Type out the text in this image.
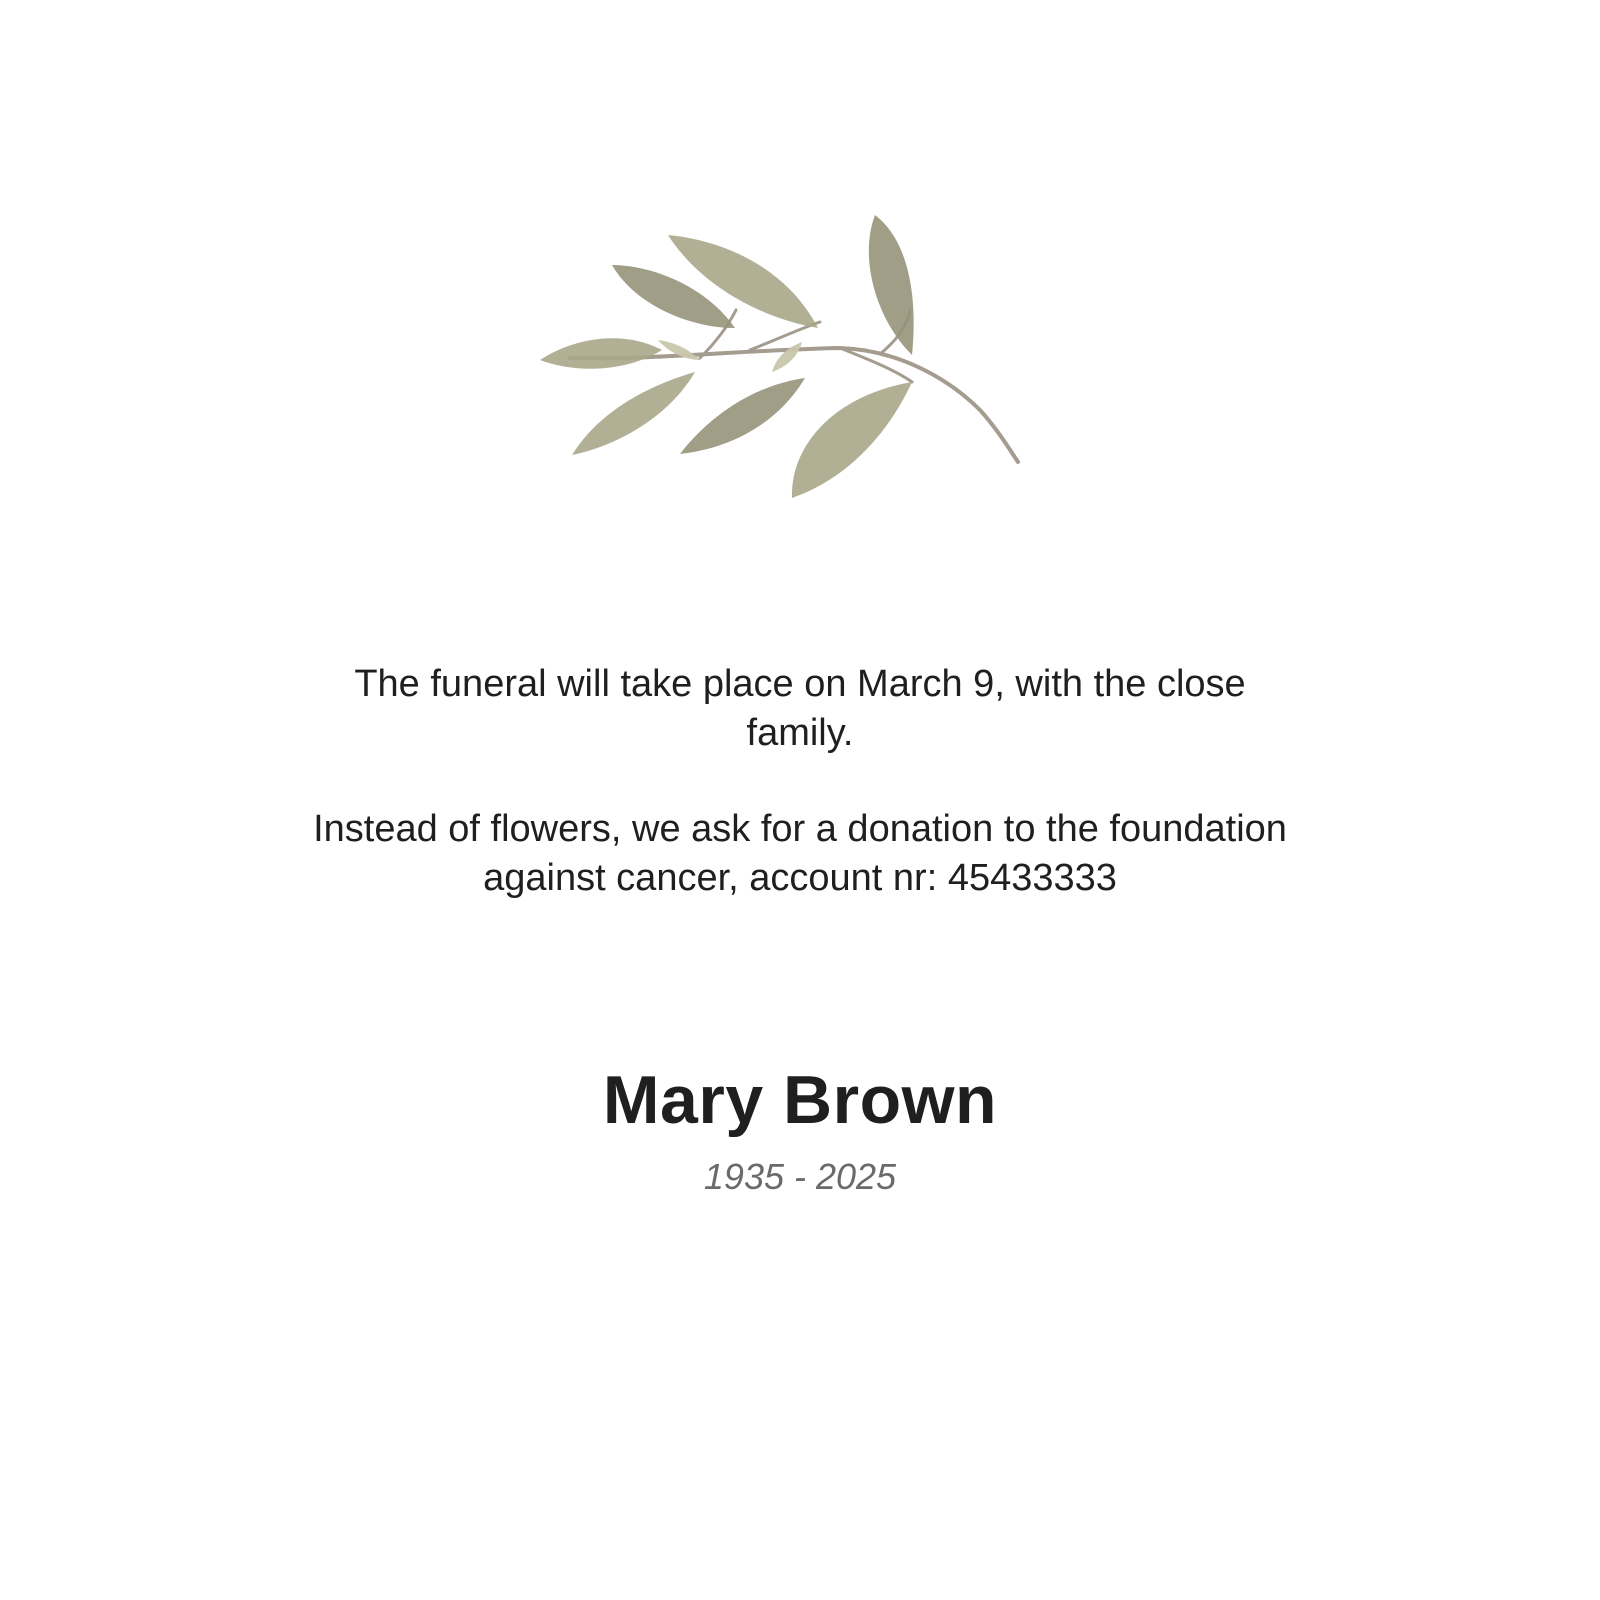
The funeral will take place on March 9, with the close family.

Instead of flowers, we ask for a donation to the foundation against cancer, account nr: 45433333

Mary Brown
1935 - 2025
